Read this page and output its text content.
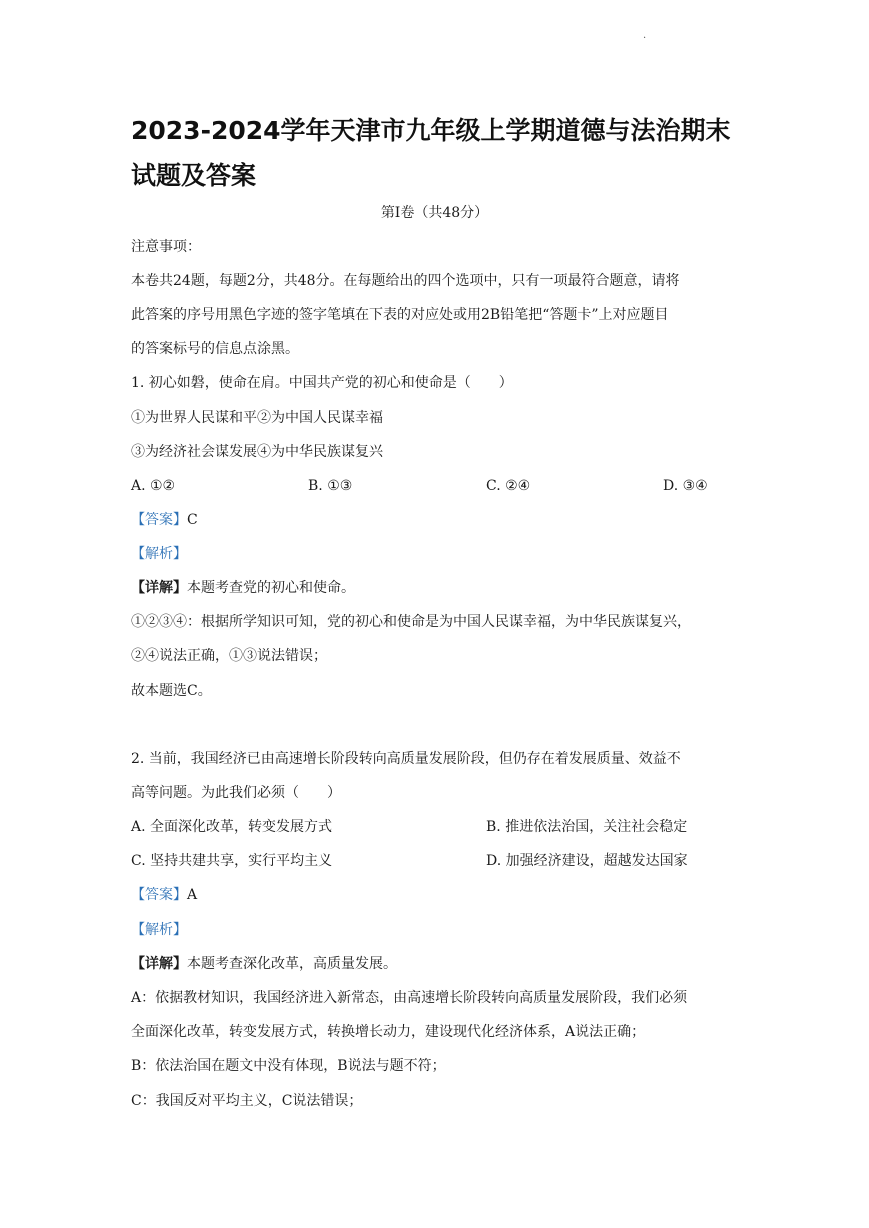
.
2023-2024学年天津市九年级上学期道德与法治期末试题及答案
第Ⅰ卷（共48分）
注意事项：
本卷共24题，每题2分，共48分。在每题给出的四个选项中，只有一项最符合题意，请将
此答案的序号用黑色字迹的签字笔填在下表的对应处或用2B铅笔把“答题卡”上对应题目
的答案标号的信息点涂黑。
1. 初心如磐，使命在肩。中国共产党的初心和使命是（　　）
①为世界人民谋和平②为中国人民谋幸福
③为经济社会谋发展④为中华民族谋复兴
A. ①②	B. ①③	C. ②④	D. ③④
【答案】C
【解析】
【详解】本题考查党的初心和使命。
①②③④：根据所学知识可知，党的初心和使命是为中国人民谋幸福，为中华民族谋复兴，
②④说法正确，①③说法错误；
故本题选C。
2. 当前，我国经济已由高速增长阶段转向高质量发展阶段，但仍存在着发展质量、效益不
高等问题。为此我们必须（　　）
A. 全面深化改革，转变发展方式	B. 推进依法治国，关注社会稳定
C. 坚持共建共享，实行平均主义	D. 加强经济建设，超越发达国家
【答案】A
【解析】
【详解】本题考查深化改革，高质量发展。
A：依据教材知识，我国经济进入新常态，由高速增长阶段转向高质量发展阶段，我们必须
全面深化改革，转变发展方式，转换增长动力，建设现代化经济体系，A说法正确；
B：依法治国在题文中没有体现，B说法与题不符；
C：我国反对平均主义，C说法错误；
